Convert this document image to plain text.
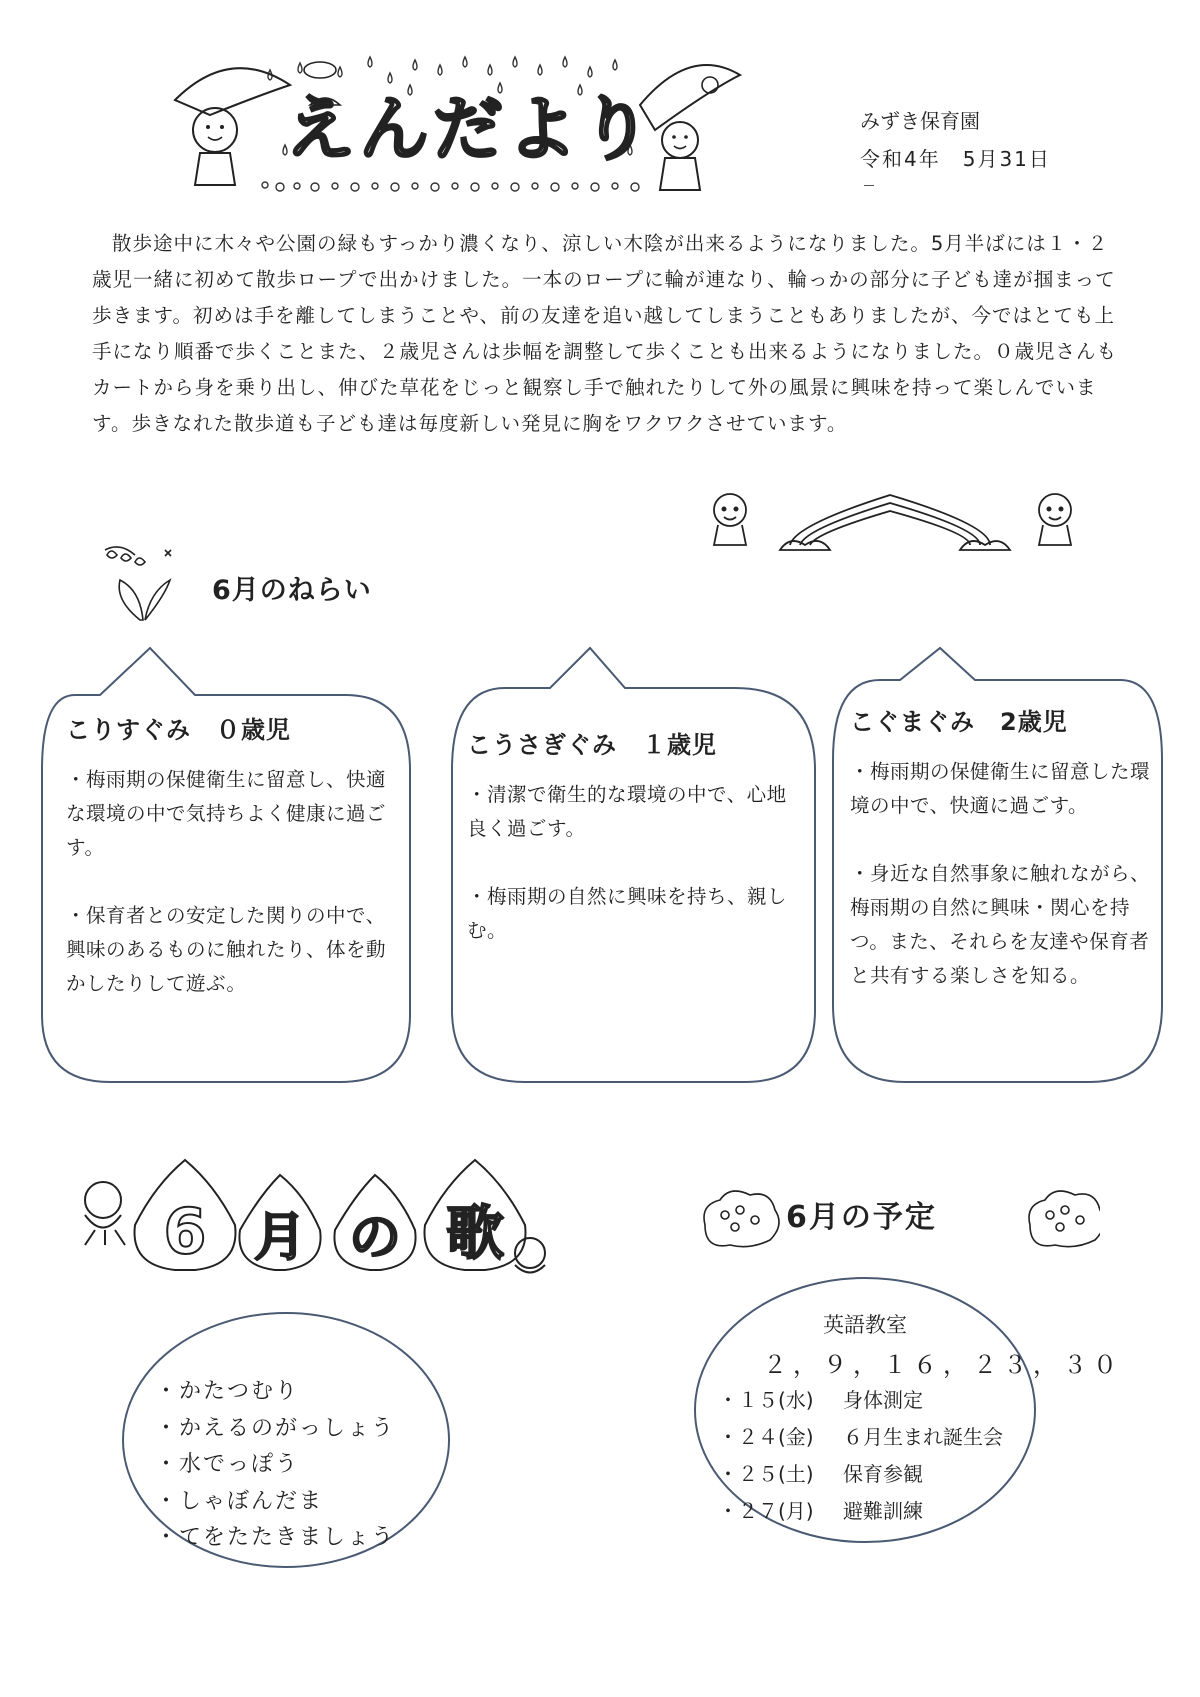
えんだより	みずき保育園
令和4年　5月31日

散歩途中に木々や公園の緑もすっかり濃くなり、涼しい木陰が出来るようになりました。5月半ばには１・２歳児一緒に初めて散歩ロープで出かけました。一本のロープに輪が連なり、輪っかの部分に子ども達が掴まって歩きます。初めは手を離してしまうことや、前の友達を追い越してしまうこともありましたが、今ではとても上手になり順番で歩くことまた、２歳児さんは歩幅を調整して歩くことも出来るようになりました。０歳児さんもカートから身を乗り出し、伸びた草花をじっと観察し手で触れたりして外の風景に興味を持って楽しんでいます。歩きなれた散歩道も子ども達は毎度新しい発見に胸をワクワクさせています。

6月のねらい
こりすぐみ　０歳児
・梅雨期の保健衛生に留意し、快適な環境の中で気持ちよく健康に過ごす。
・保育者との安定した関りの中で、興味のあるものに触れたり、体を動かしたりして遊ぶ。
こうさぎぐみ　１歳児
・清潔で衛生的な環境の中で、心地良く過ごす。
・梅雨期の自然に興味を持ち、親しむ。
こぐまぐみ　2歳児
・梅雨期の保健衛生に留意した環境の中で、快適に過ごす。
・身近な自然事象に触れながら、梅雨期の自然に興味・関心を持つ。また、それらを友達や保育者と共有する楽しさを知る。
6 月 の 歌	6月の予定
・ かたつむり
・ かえるのがっしょう
・ 水でっぽう
・ しゃぼんだま
・ てをたたきましょう
英語教室
２，９，１６，２３，３０
・１５(水) 身体測定
・２４(金) ６月生まれ誕生会
・２５(土) 保育参観
・２７(月) 避難訓練
